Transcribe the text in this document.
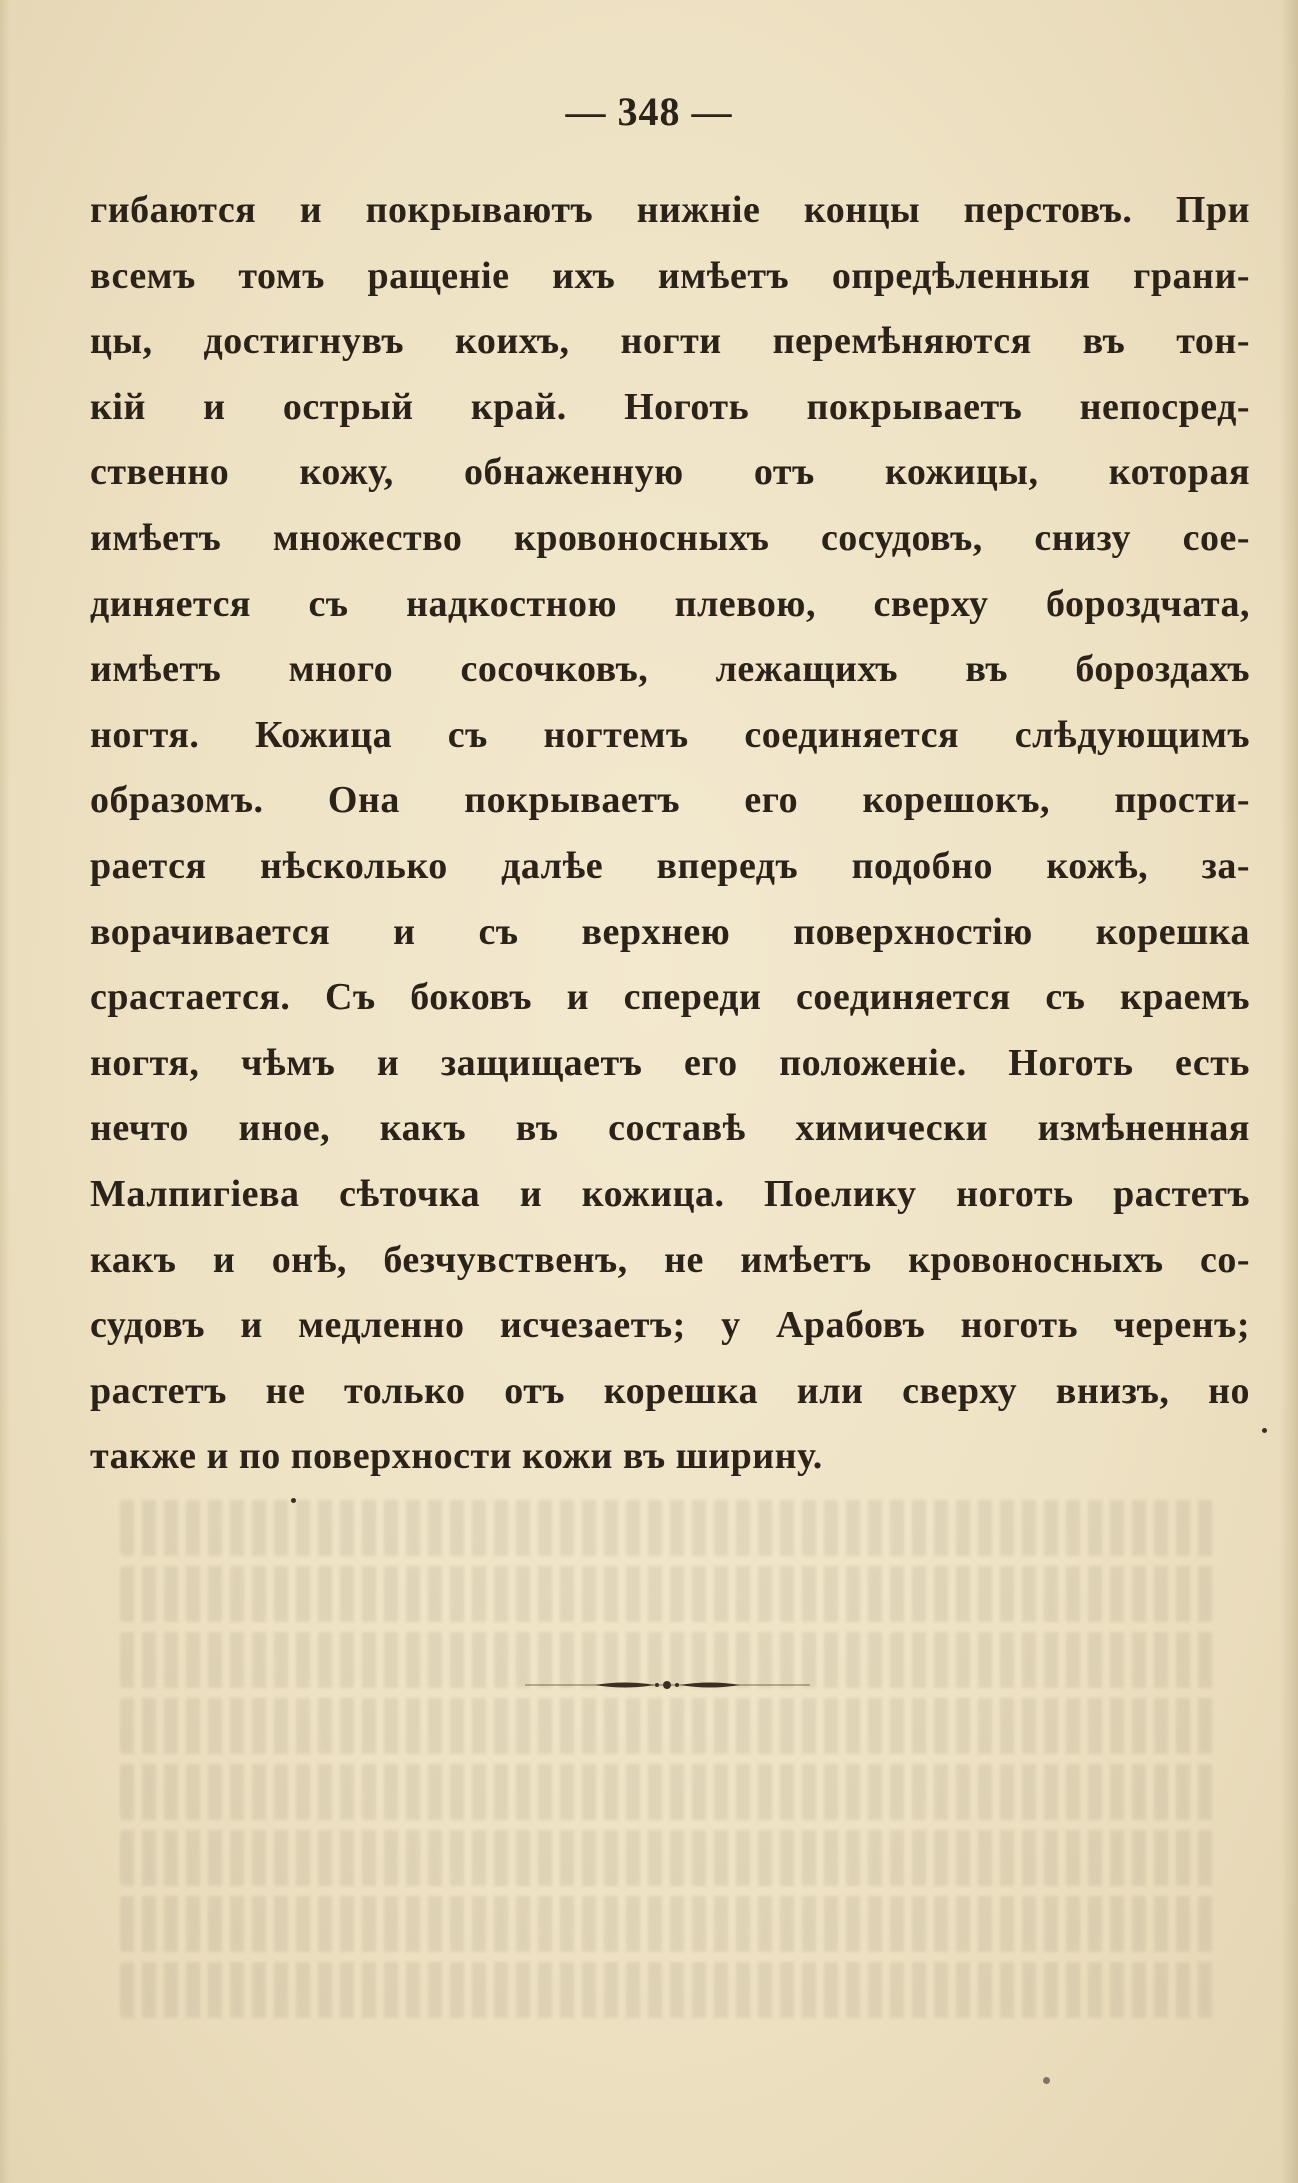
— 348 —
гибаются и покрываютъ нижніе концы перстовъ. При
всемъ томъ ращеніе ихъ имѣетъ опредѣленныя грани-
цы, достигнувъ коихъ, ногти перемѣняются въ тон-
кій и острый край. Ноготь покрываетъ непосред-
ственно кожу, обнаженную отъ кожицы, которая
имѣетъ множество кровоносныхъ сосудовъ, снизу сое-
диняется съ надкостною плевою, сверху бороздчата,
имѣетъ много сосочковъ, лежащихъ въ бороздахъ
ногтя. Кожица съ ногтемъ соединяется слѣдующимъ
образомъ. Она покрываетъ его корешокъ, прости-
рается нѣсколько далѣе впередъ подобно кожѣ, за-
ворачивается и съ верхнею поверхностію корешка
срастается. Съ боковъ и спереди соединяется съ краемъ
ногтя, чѣмъ и защищаетъ его положеніе. Ноготь есть
нечто иное, какъ въ составѣ химически измѣненная
Малпигіева сѣточка и кожица. Поелику ноготь растетъ
какъ и онѣ, безчувственъ, не имѣетъ кровоносныхъ со-
судовъ и медленно исчезаетъ; у Арабовъ ноготь черенъ;
растетъ не только отъ корешка или сверху внизъ, но
также и по поверхности кожи въ ширину.
